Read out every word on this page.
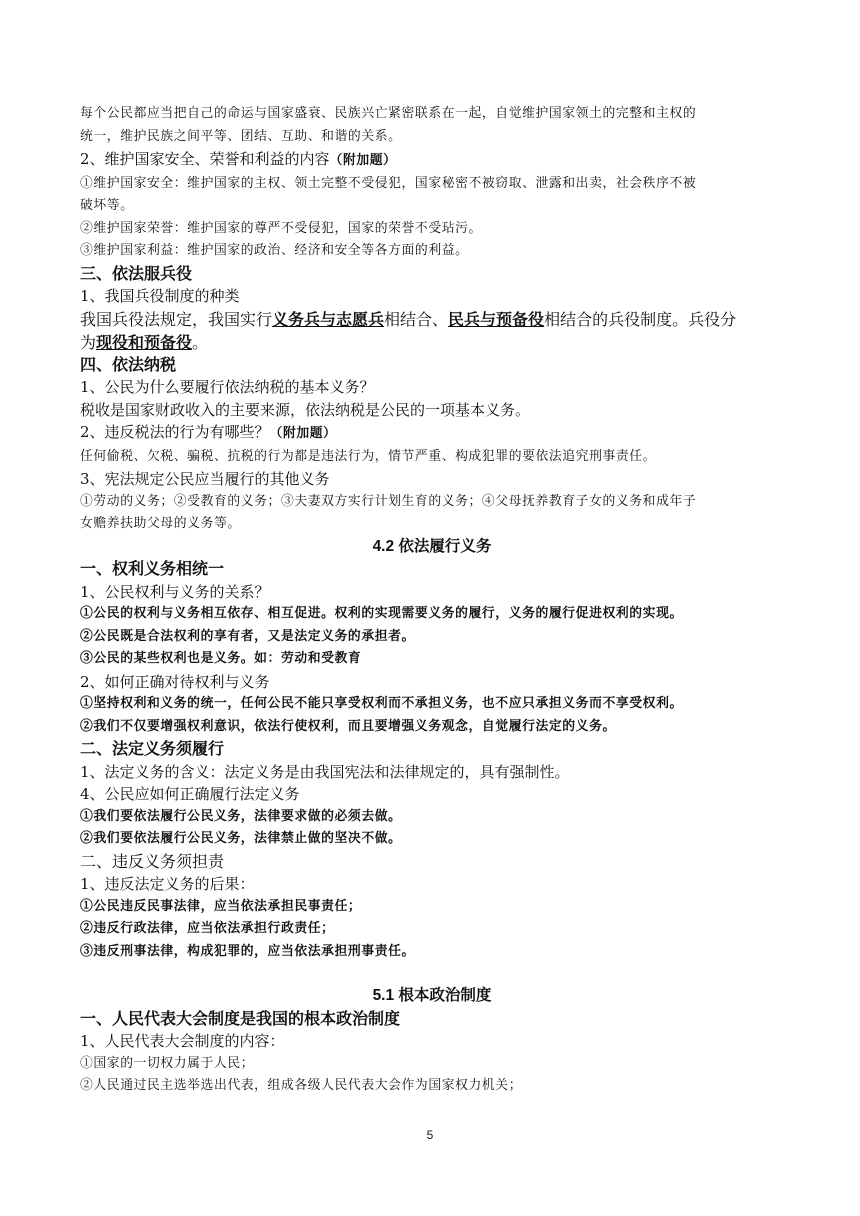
每个公民都应当把自己的命运与国家盛衰、民族兴亡紧密联系在一起，自觉维护国家领土的完整和主权的
统一，维护民族之间平等、团结、互助、和谐的关系。
2、维护国家安全、荣誉和利益的内容（附加题）
①维护国家安全：维护国家的主权、领土完整不受侵犯，国家秘密不被窃取、泄露和出卖，社会秩序不被
破坏等。
②维护国家荣誉：维护国家的尊严不受侵犯，国家的荣誉不受玷污。
③维护国家利益：维护国家的政治、经济和安全等各方面的利益。
三、依法服兵役
1、我国兵役制度的种类
我国兵役法规定，我国实行义务兵与志愿兵相结合、民兵与预备役相结合的兵役制度。兵役分
为现役和预备役。
四、依法纳税
1、公民为什么要履行依法纳税的基本义务？
税收是国家财政收入的主要来源，依法纳税是公民的一项基本义务。
2、违反税法的行为有哪些？（附加题）
任何偷税、欠税、骗税、抗税的行为都是违法行为，情节严重、构成犯罪的要依法追究刑事责任。
3、宪法规定公民应当履行的其他义务
①劳动的义务；②受教育的义务；③夫妻双方实行计划生育的义务；④父母抚养教育子女的义务和成年子
女赡养扶助父母的义务等。
4.2 依法履行义务
一、权利义务相统一
1、公民权利与义务的关系？
①公民的权利与义务相互依存、相互促进。权利的实现需要义务的履行，义务的履行促进权利的实现。
②公民既是合法权利的享有者，又是法定义务的承担者。
③公民的某些权利也是义务。如：劳动和受教育
2、如何正确对待权利与义务
①坚持权利和义务的统一，任何公民不能只享受权利而不承担义务，也不应只承担义务而不享受权利。
②我们不仅要增强权利意识，依法行使权利，而且要增强义务观念，自觉履行法定的义务。
二、法定义务须履行
1、法定义务的含义：法定义务是由我国宪法和法律规定的，具有强制性。
4、公民应如何正确履行法定义务
①我们要依法履行公民义务，法律要求做的必须去做。
②我们要依法履行公民义务，法律禁止做的坚决不做。
二、违反义务须担责
1、违反法定义务的后果：
①公民违反民事法律，应当依法承担民事责任；
②违反行政法律，应当依法承担行政责任；
③违反刑事法律，构成犯罪的，应当依法承担刑事责任。
5.1 根本政治制度
一、人民代表大会制度是我国的根本政治制度
1、人民代表大会制度的内容：
①国家的一切权力属于人民；
②人民通过民主选举选出代表，组成各级人民代表大会作为国家权力机关；
5
